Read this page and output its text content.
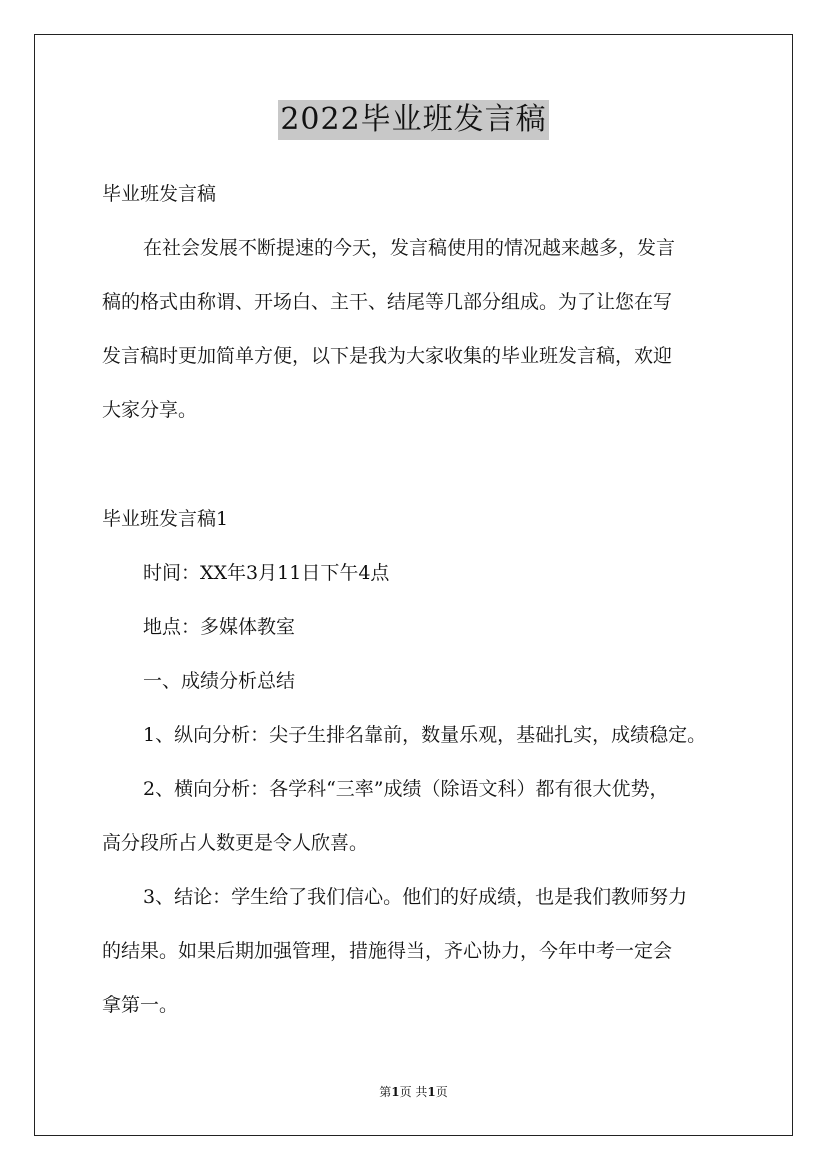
2022毕业班发言稿
毕业班发言稿
在社会发展不断提速的今天，发言稿使用的情况越来越多，发言
稿的格式由称谓、开场白、主干、结尾等几部分组成。为了让您在写
发言稿时更加简单方便，以下是我为大家收集的毕业班发言稿，欢迎
大家分享。
毕业班发言稿1
时间：XX年3月11日下午4点
地点：多媒体教室
一、成绩分析总结
1、纵向分析：尖子生排名靠前，数量乐观，基础扎实，成绩稳定。
2、横向分析：各学科“三率”成绩（除语文科）都有很大优势，
高分段所占人数更是令人欣喜。
3、结论：学生给了我们信心。他们的好成绩，也是我们教师努力
的结果。如果后期加强管理，措施得当，齐心协力，今年中考一定会
拿第一。
第1页 共1页
